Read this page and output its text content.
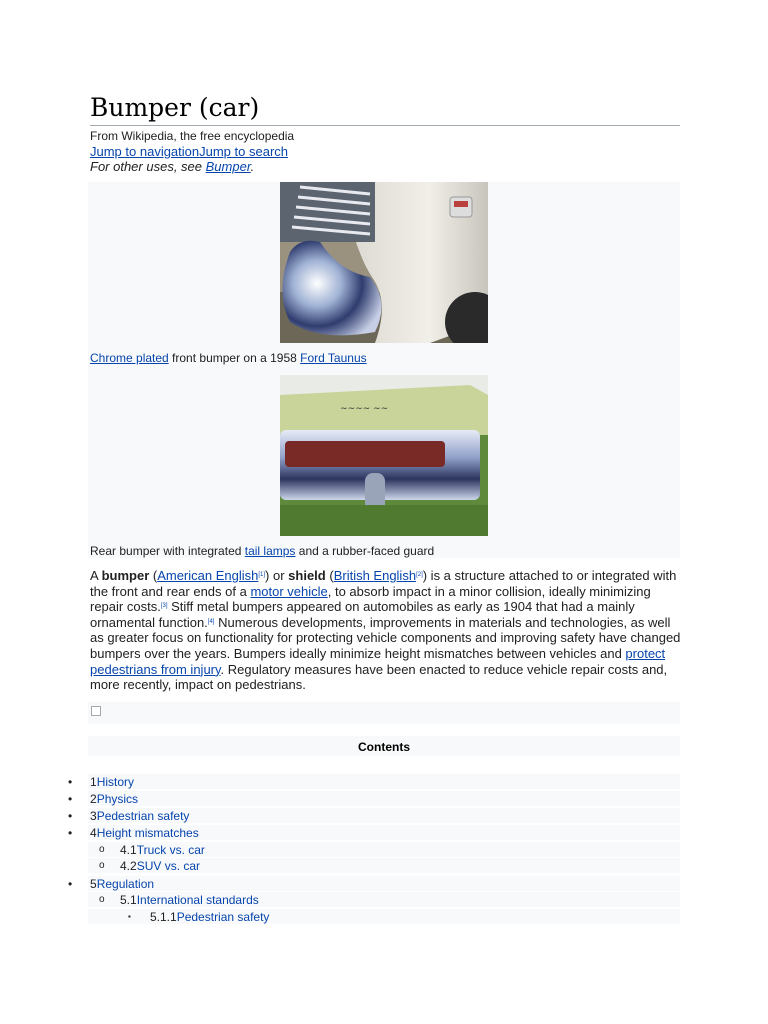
Bumper (car)
From Wikipedia, the free encyclopedia
Jump to navigationJump to search
For other uses, see Bumper.
Chrome plated front bumper on a 1958 Ford Taunus
∼∼∼∼ ∼∼
Rear bumper with integrated tail lamps and a rubber-faced guard

A bumper (American English[1]) or shield (British English[2]) is a structure attached to or integrated with the front and rear ends of a motor vehicle, to absorb impact in a minor collision, ideally minimizing repair costs.[3] Stiff metal bumpers appeared on automobiles as early as 1904 that had a mainly ornamental function.[4] Numerous developments, improvements in materials and technologies, as well as greater focus on functionality for protecting vehicle components and improving safety have changed bumpers over the years. Bumpers ideally minimize height mismatches between vehicles and protect pedestrians from injury. Regulatory measures have been enacted to reduce vehicle repair costs and, more recently, impact on pedestrians.

Contents
• 1History
• 2Physics
• 3Pedestrian safety
• 4Height mismatches
o 4.1Truck vs. car
o 4.2SUV vs. car
• 5Regulation
o 5.1International standards
▪ 5.1.1Pedestrian safety
